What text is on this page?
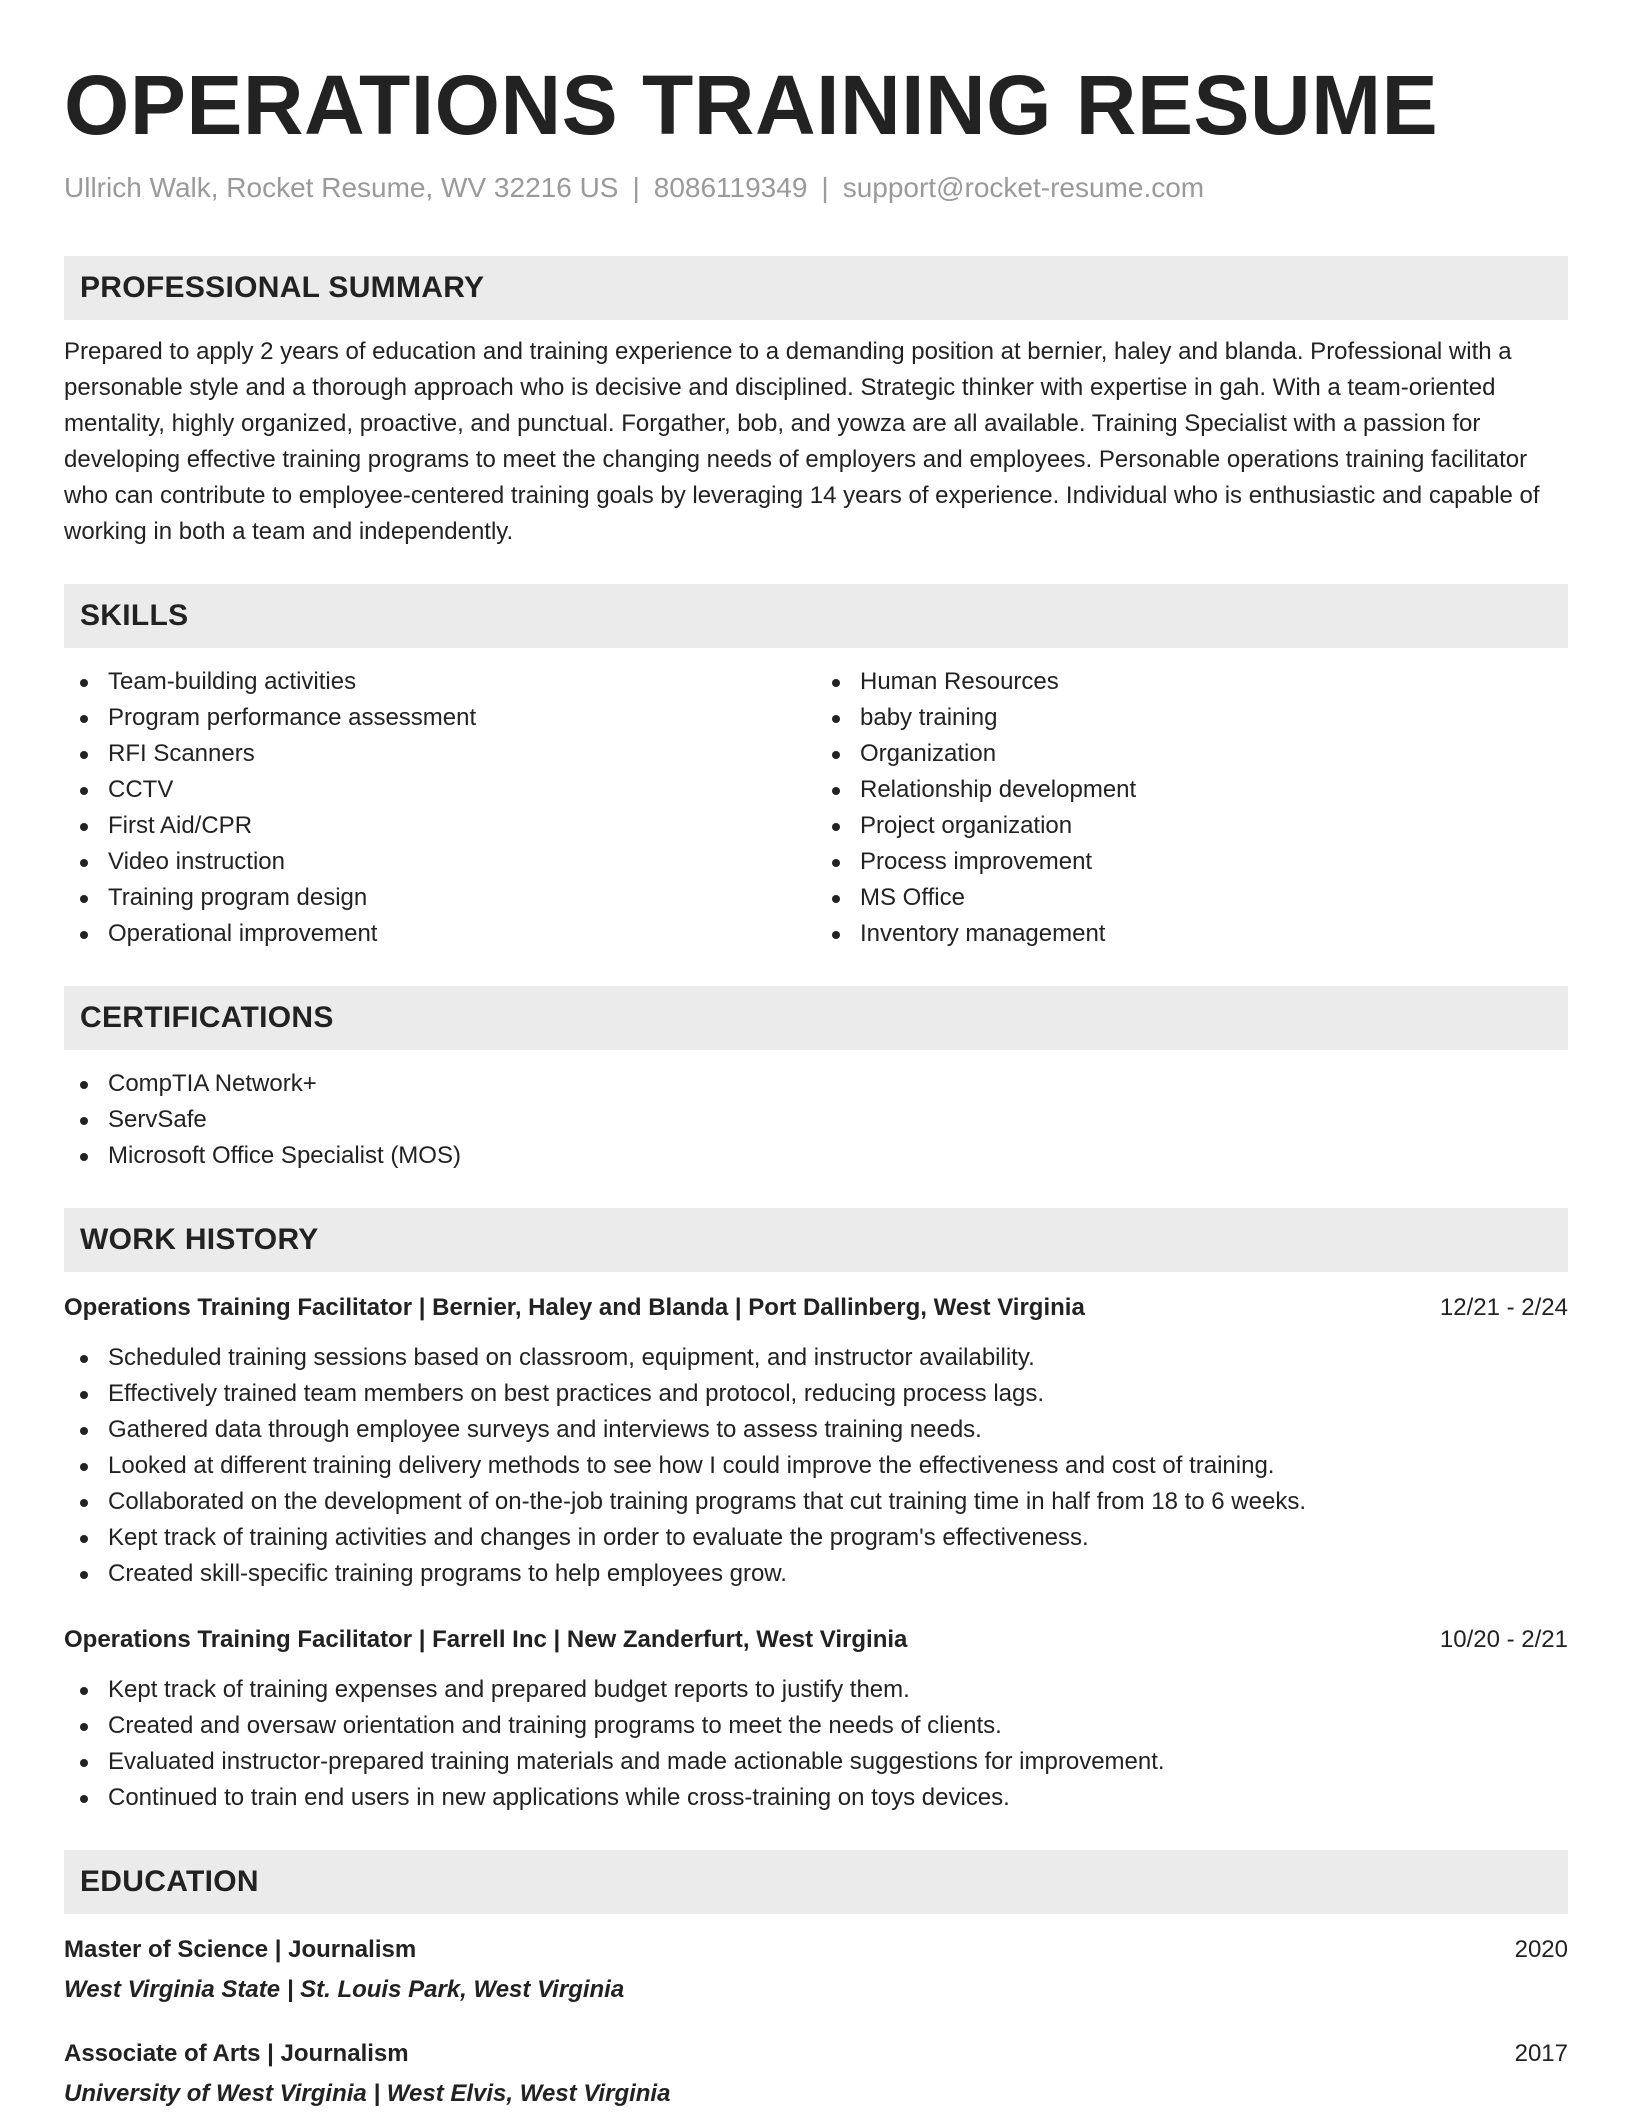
OPERATIONS TRAINING RESUME
Ullrich Walk, Rocket Resume, WV 32216 US | 8086119349 | support@rocket-resume.com
PROFESSIONAL SUMMARY

Prepared to apply 2 years of education and training experience to a demanding position at bernier, haley and blanda. Professional with a personable style and a thorough approach who is decisive and disciplined. Strategic thinker with expertise in gah. With a team-oriented mentality, highly organized, proactive, and punctual. Forgather, bob, and yowza are all available. Training Specialist with a passion for developing effective training programs to meet the changing needs of employers and employees. Personable operations training facilitator who can contribute to employee-centered training goals by leveraging 14 years of experience. Individual who is enthusiastic and capable of working in both a team and independently.

SKILLS
Team-building activities
Program performance assessment
RFI Scanners
CCTV
First Aid/CPR
Video instruction
Training program design
Operational improvement
Human Resources
baby training
Organization
Relationship development
Project organization
Process improvement
MS Office
Inventory management
CERTIFICATIONS
CompTIA Network+
ServSafe
Microsoft Office Specialist (MOS)
WORK HISTORY
Operations Training Facilitator | Bernier, Haley and Blanda | Port Dallinberg, West Virginia	12/21 - 2/24
Scheduled training sessions based on classroom, equipment, and instructor availability.
Effectively trained team members on best practices and protocol, reducing process lags.
Gathered data through employee surveys and interviews to assess training needs.
Looked at different training delivery methods to see how I could improve the effectiveness and cost of training.
Collaborated on the development of on-the-job training programs that cut training time in half from 18 to 6 weeks.
Kept track of training activities and changes in order to evaluate the program's effectiveness.
Created skill-specific training programs to help employees grow.
Operations Training Facilitator | Farrell Inc | New Zanderfurt, West Virginia	10/20 - 2/21
Kept track of training expenses and prepared budget reports to justify them.
Created and oversaw orientation and training programs to meet the needs of clients.
Evaluated instructor-prepared training materials and made actionable suggestions for improvement.
Continued to train end users in new applications while cross-training on toys devices.
EDUCATION
Master of Science | Journalism	2020
West Virginia State | St. Louis Park, West Virginia
Associate of Arts | Journalism	2017
University of West Virginia | West Elvis, West Virginia
